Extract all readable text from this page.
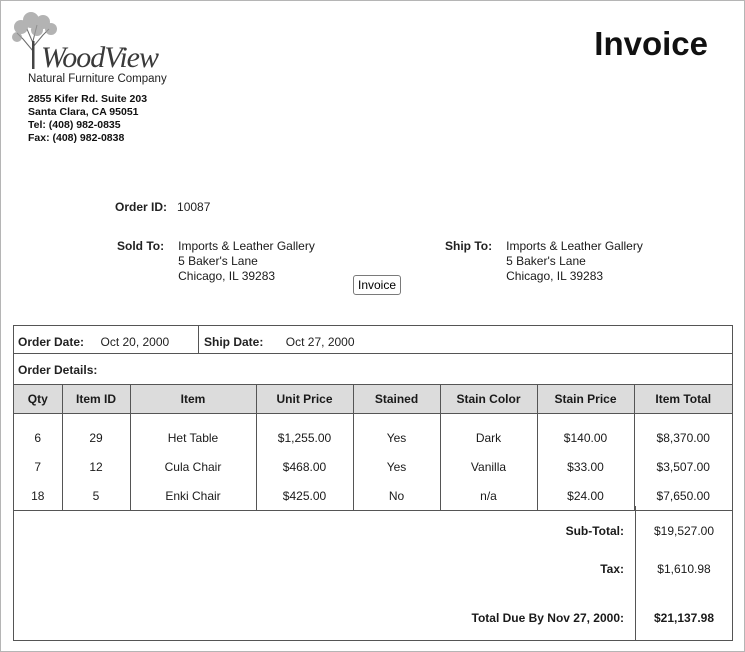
WoodView
Natural Furniture Company
2855 Kifer Rd. Suite 203
Santa Clara, CA 95051
Tel: (408) 982-0835
Fax: (408) 982-0838
Invoice
Order ID: 10087
Sold To: Imports & Leather Gallery
5 Baker's Lane
Chicago, IL 39283
Ship To: Imports & Leather Gallery
5 Baker's Lane
Chicago, IL 39283
Invoice
Order Date: Oct 20, 2000	Ship Date: Oct 27, 2000
Order Details:
Qty	Item ID	Item	Unit Price	Stained	Stain Color	Stain Price	Item Total
6	29	Het Table	$1,255.00	Yes	Dark	$140.00	$8,370.00
7	12	Cula Chair	$468.00	Yes	Vanilla	$33.00	$3,507.00
18	5	Enki Chair	$425.00	No	n/a	$24.00	$7,650.00
Sub-Total:	$19,527.00
Tax:	$1,610.98
Total Due By Nov 27, 2000:	$21,137.98
